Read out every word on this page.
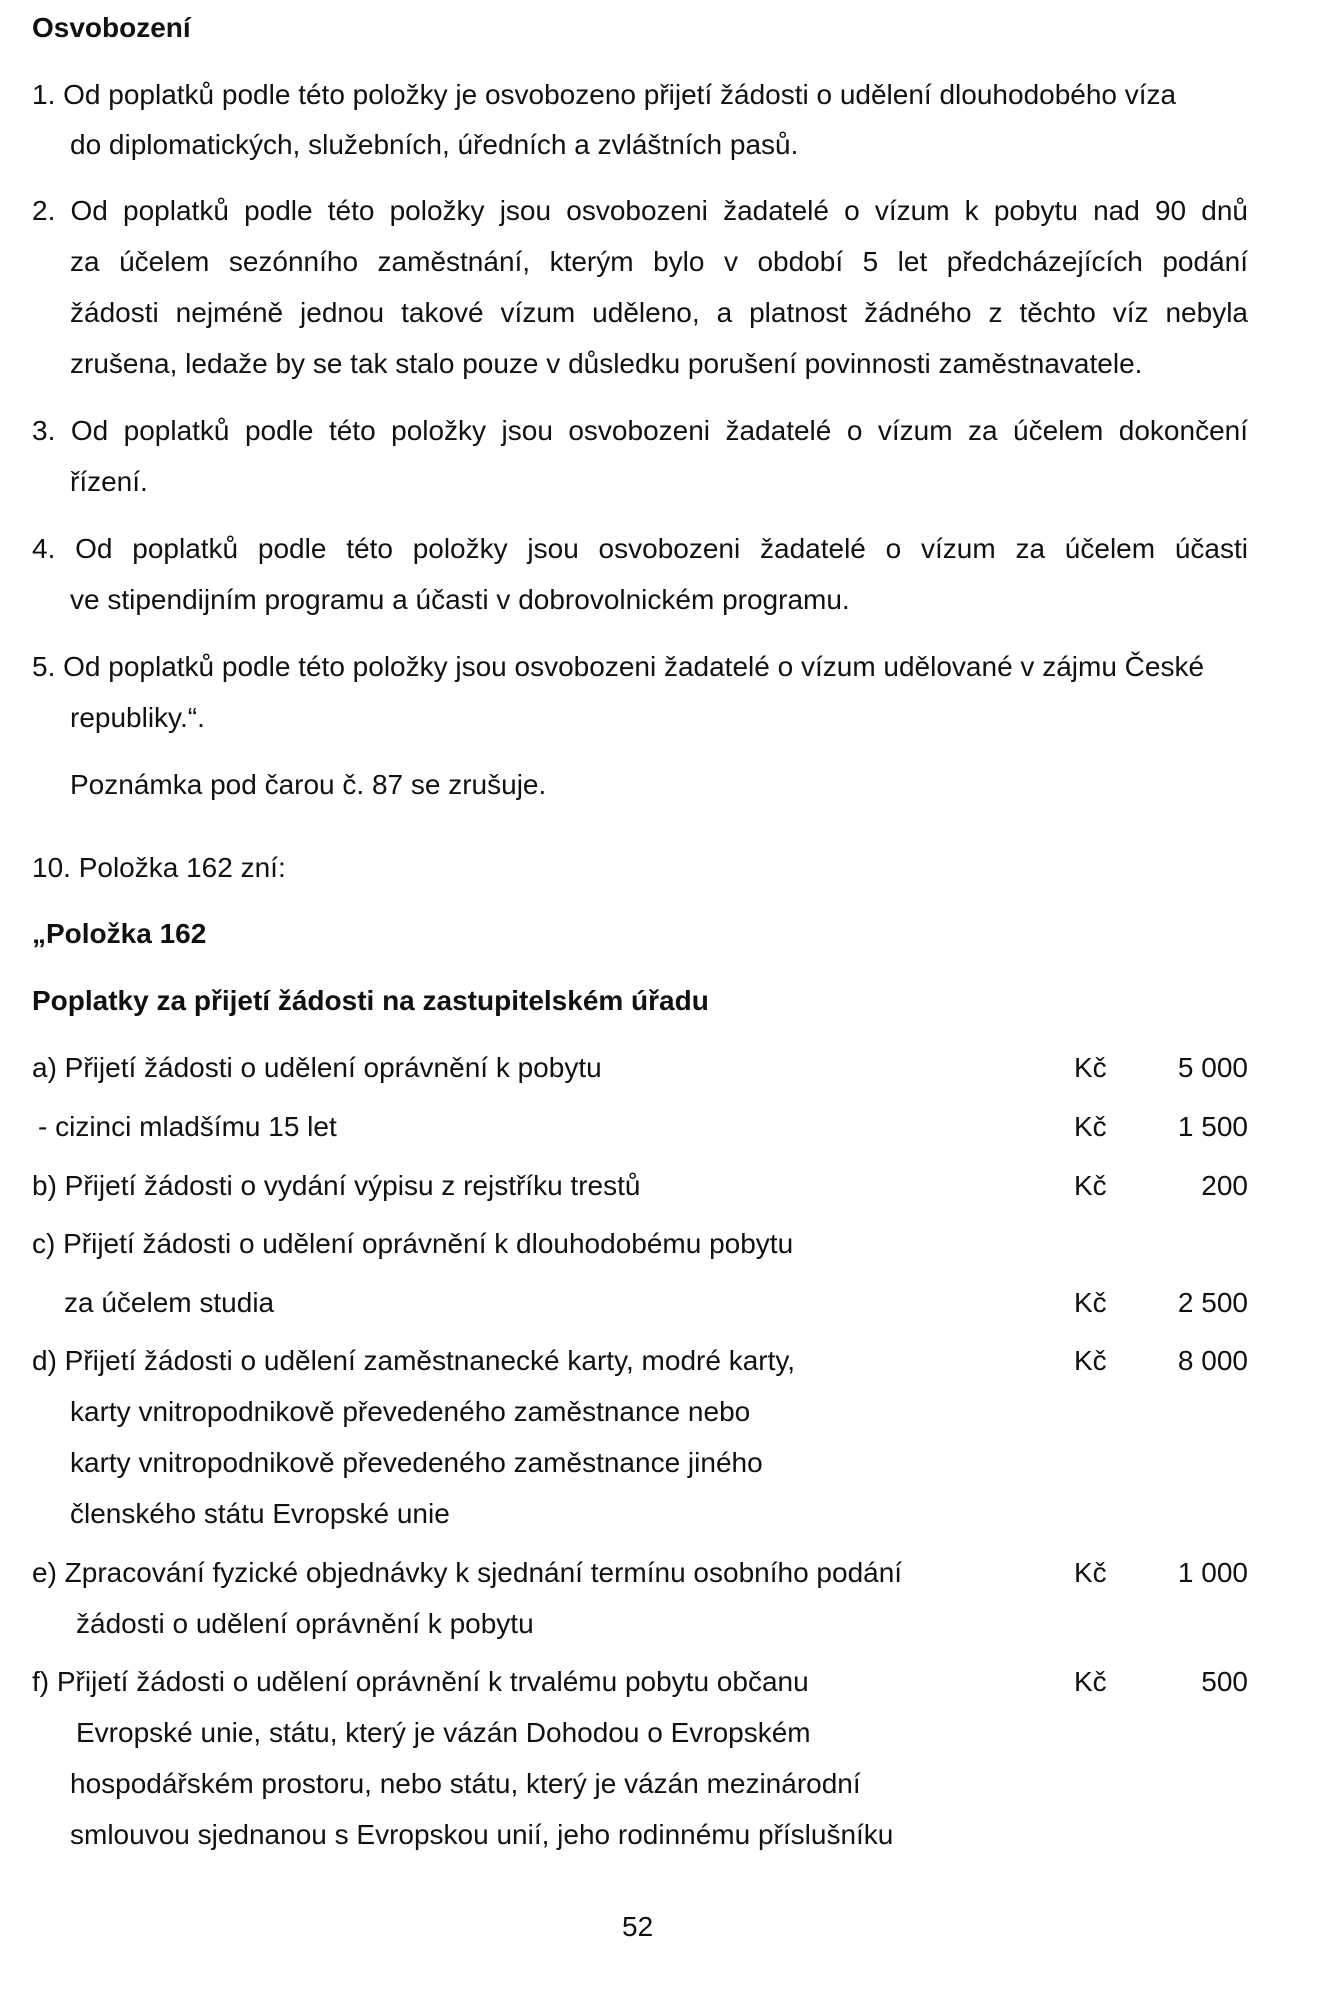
Osvobození
1. Od poplatků podle této položky je osvobozeno přijetí žádosti o udělení dlouhodobého víza
do diplomatických, služebních, úředních a zvláštních pasů.
2. Od poplatků podle této položky jsou osvobozeni žadatelé o vízum k pobytu nad 90 dnů
za účelem sezónního zaměstnání, kterým bylo v období 5 let předcházejících podání
žádosti nejméně jednou takové vízum uděleno, a platnost žádného z těchto víz nebyla
zrušena, ledaže by se tak stalo pouze v důsledku porušení povinnosti zaměstnavatele.
3. Od poplatků podle této položky jsou osvobozeni žadatelé o vízum za účelem dokončení
řízení.
4. Od poplatků podle této položky jsou osvobozeni žadatelé o vízum za účelem účasti
ve stipendijním programu a účasti v dobrovolnickém programu.
5. Od poplatků podle této položky jsou osvobozeni žadatelé o vízum udělované v zájmu České
republiky.“.
Poznámka pod čarou č. 87 se zrušuje.
10. Položka 162 zní:
„Položka 162
Poplatky za přijetí žádosti na zastupitelském úřadu
a) Přijetí žádosti o udělení oprávnění k pobytu	Kč	5 000
- cizinci mladšímu 15 let	Kč	1 500
b) Přijetí žádosti o vydání výpisu z rejstříku trestů	Kč	200
c) Přijetí žádosti o udělení oprávnění k dlouhodobému pobytu
za účelem studia	Kč	2 500
d) Přijetí žádosti o udělení zaměstnanecké karty, modré karty,	Kč	8 000
karty vnitropodnikově převedeného zaměstnance nebo
karty vnitropodnikově převedeného zaměstnance jiného
členského státu Evropské unie
e) Zpracování fyzické objednávky k sjednání termínu osobního podání	Kč	1 000
žádosti o udělení oprávnění k pobytu
f) Přijetí žádosti o udělení oprávnění k trvalému pobytu občanu	Kč	500
Evropské unie, státu, který je vázán Dohodou o Evropském
hospodářském prostoru, nebo státu, který je vázán mezinárodní
smlouvou sjednanou s Evropskou unií, jeho rodinnému příslušníku
52
